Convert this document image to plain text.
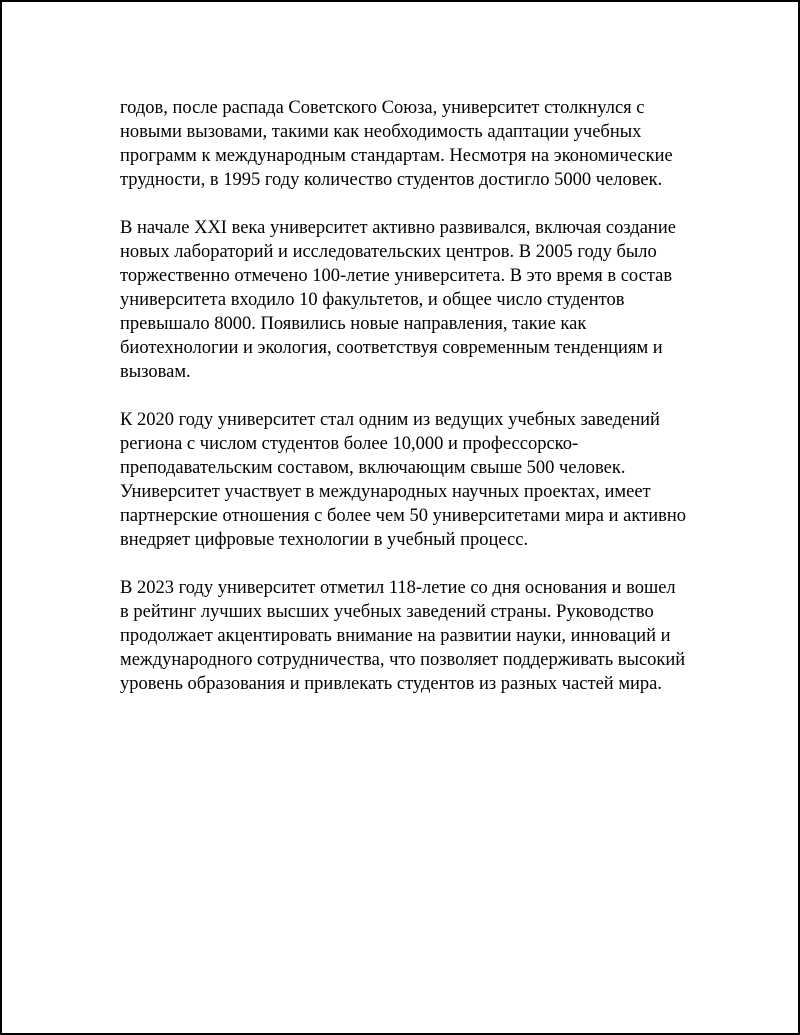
годов, после распада Советского Союза, университет столкнулся с
новыми вызовами, такими как необходимость адаптации учебных
программ к международным стандартам. Несмотря на экономические
трудности, в 1995 году количество студентов достигло 5000 человек.

В начале XXI века университет активно развивался, включая создание
новых лабораторий и исследовательских центров. В 2005 году было
торжественно отмечено 100-летие университета. В это время в состав
университета входило 10 факультетов, и общее число студентов
превышало 8000. Появились новые направления, такие как
биотехнологии и экология, соответствуя современным тенденциям и
вызовам.

К 2020 году университет стал одним из ведущих учебных заведений
региона с числом студентов более 10,000 и профессорско-
преподавательским составом, включающим свыше 500 человек.
Университет участвует в международных научных проектах, имеет
партнерские отношения с более чем 50 университетами мира и активно
внедряет цифровые технологии в учебный процесс.

В 2023 году университет отметил 118-летие со дня основания и вошел
в рейтинг лучших высших учебных заведений страны. Руководство
продолжает акцентировать внимание на развитии науки, инноваций и
международного сотрудничества, что позволяет поддерживать высокий
уровень образования и привлекать студентов из разных частей мира.
